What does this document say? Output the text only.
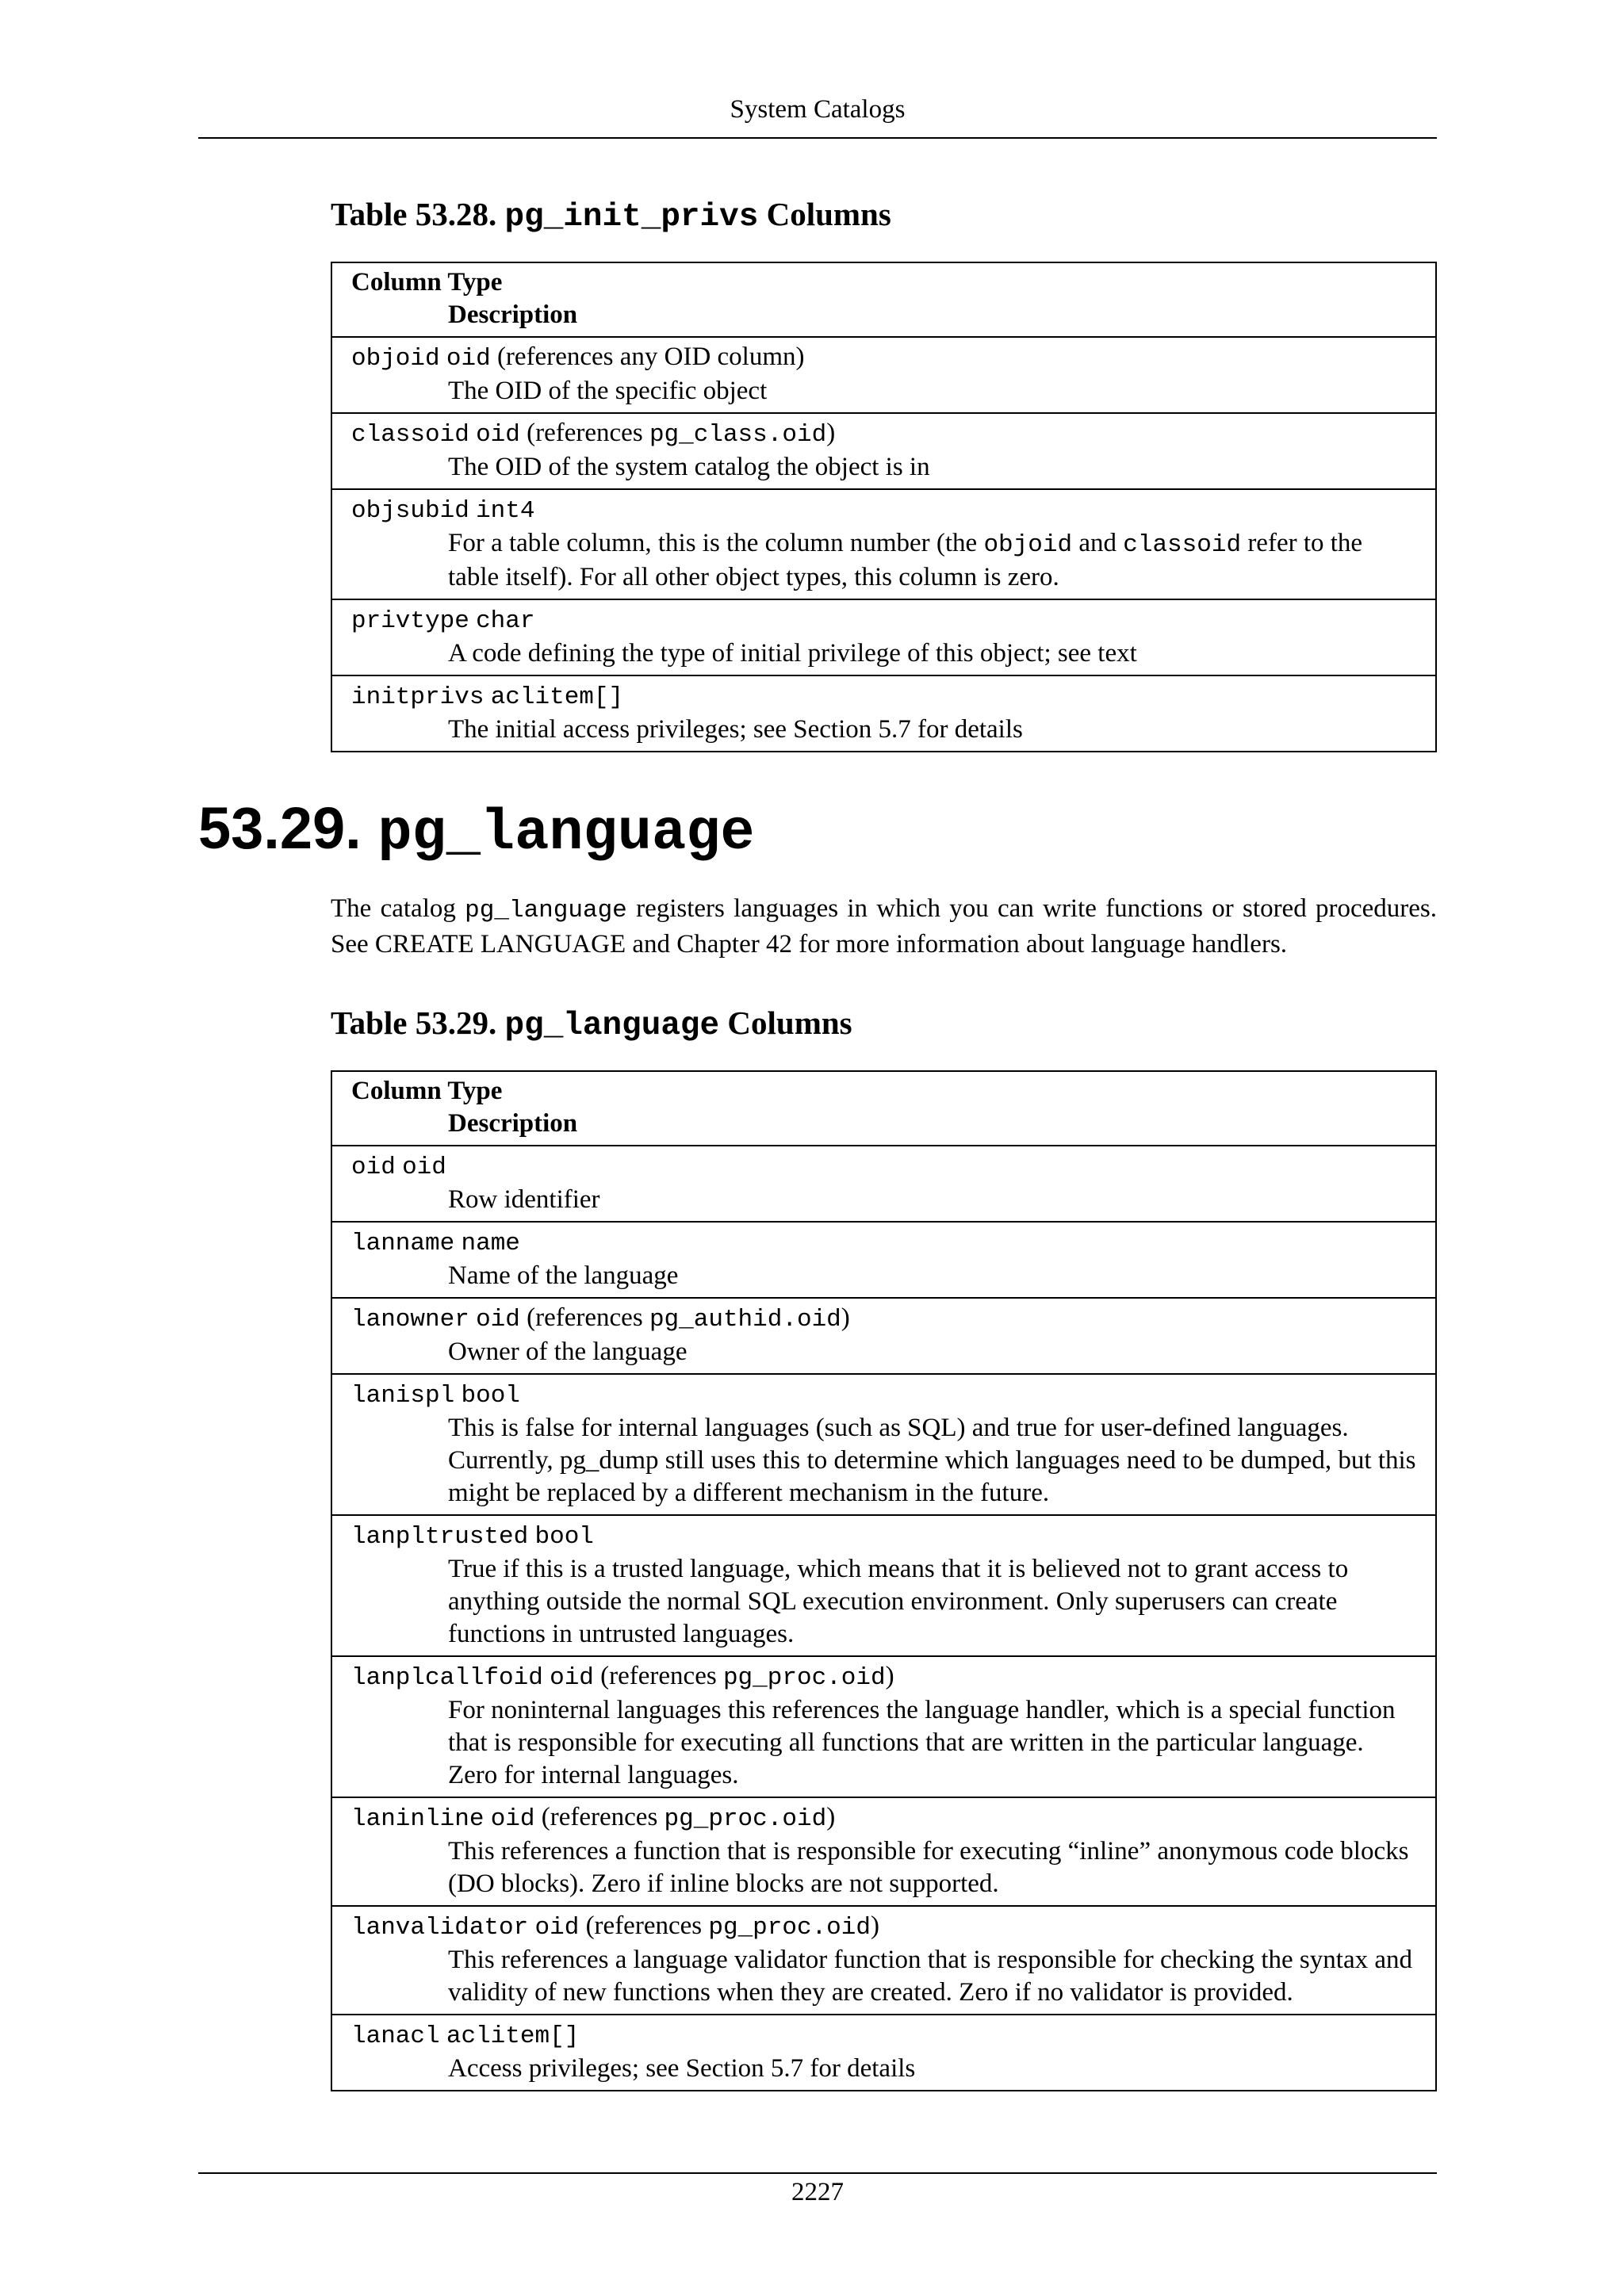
System Catalogs
Table 53.28. pg_init_privs Columns
Column Type
Description

objoid oid (references any OID column)
The OID of the specific object

classoid oid (references pg_class.oid)
The OID of the system catalog the object is in

objsubid int4
For a table column, this is the column number (the objoid and classoid refer to the table itself). For all other object types, this column is zero.

privtype char
A code defining the type of initial privilege of this object; see text

initprivs aclitem[]
The initial access privileges; see Section 5.7 for details
53.29. pg_language
The catalog pg_language registers languages in which you can write functions or stored procedures. See CREATE LANGUAGE and Chapter 42 for more information about language handlers.
Table 53.29. pg_language Columns
Column Type
Description

oid oid
Row identifier

lanname name
Name of the language

lanowner oid (references pg_authid.oid)
Owner of the language

lanispl bool
This is false for internal languages (such as SQL) and true for user-defined languages. Currently, pg_dump still uses this to determine which languages need to be dumped, but this might be replaced by a different mechanism in the future.

lanpltrusted bool
True if this is a trusted language, which means that it is believed not to grant access to anything outside the normal SQL execution environment. Only superusers can create functions in untrusted languages.

lanplcallfoid oid (references pg_proc.oid)
For noninternal languages this references the language handler, which is a special function that is responsible for executing all functions that are written in the particular language. Zero for internal languages.

laninline oid (references pg_proc.oid)
This references a function that is responsible for executing “inline” anonymous code blocks (DO blocks). Zero if inline blocks are not supported.

lanvalidator oid (references pg_proc.oid)
This references a language validator function that is responsible for checking the syntax and validity of new functions when they are created. Zero if no validator is provided.

lanacl aclitem[]
Access privileges; see Section 5.7 for details
2227
